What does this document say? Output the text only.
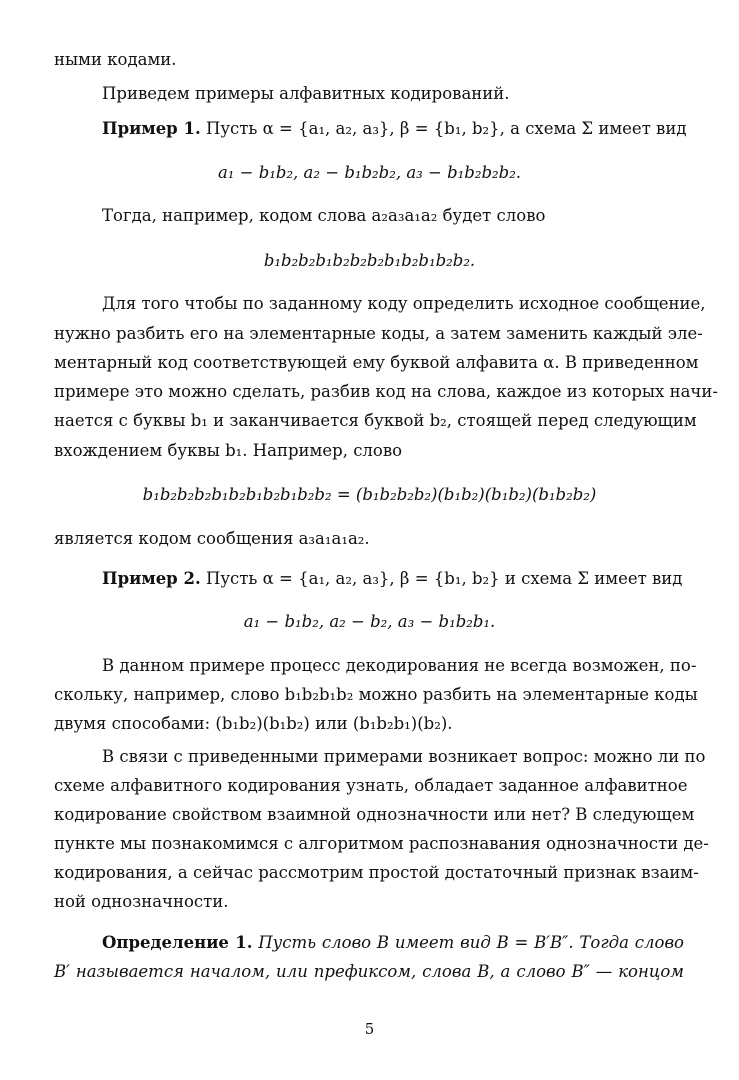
ными кодами.
Приведем примеры алфавитных кодирований.
Пример 1. Пусть α = {a₁, a₂, a₃}, β = {b₁, b₂}, а схема Σ имеет вид
a₁ − b₁b₂, a₂ − b₁b₂b₂, a₃ − b₁b₂b₂b₂.
Тогда, например, кодом слова a₂a₃a₁a₂ будет слово
b₁b₂b₂b₁b₂b₂b₂b₁b₂b₁b₂b₂.
Для того чтобы по заданному коду определить исходное сообщение,
нужно разбить его на элементарные коды, а затем заменить каждый эле-
ментарный код соответствующей ему буквой алфавита α. В приведенном
примере это можно сделать, разбив код на слова, каждое из которых начи-
нается с буквы b₁ и заканчивается буквой b₂, стоящей перед следующим
вхождением буквы b₁. Например, слово
b₁b₂b₂b₂b₁b₂b₁b₂b₁b₂b₂ = (b₁b₂b₂b₂)(b₁b₂)(b₁b₂)(b₁b₂b₂)
является кодом сообщения a₃a₁a₁a₂.
Пример 2. Пусть α = {a₁, a₂, a₃}, β = {b₁, b₂} и схема Σ имеет вид
a₁ − b₁b₂, a₂ − b₂, a₃ − b₁b₂b₁.
В данном примере процесс декодирования не всегда возможен, по-
скольку, например, слово b₁b₂b₁b₂ можно разбить на элементарные коды
двумя способами: (b₁b₂)(b₁b₂) или (b₁b₂b₁)(b₂).
В связи с приведенными примерами возникает вопрос: можно ли по
схеме алфавитного кодирования узнать, обладает заданное алфавитное
кодирование свойством взаимной однозначности или нет? В следующем
пункте мы познакомимся с алгоритмом распознавания однозначности де-
кодирования, а сейчас рассмотрим простой достаточный признак взаим-
ной однозначности.
Определение 1. Пусть слово B имеет вид B = B′B″. Тогда слово
B′ называется началом, или префиксом, слова B, а слово B″ — концом
5
